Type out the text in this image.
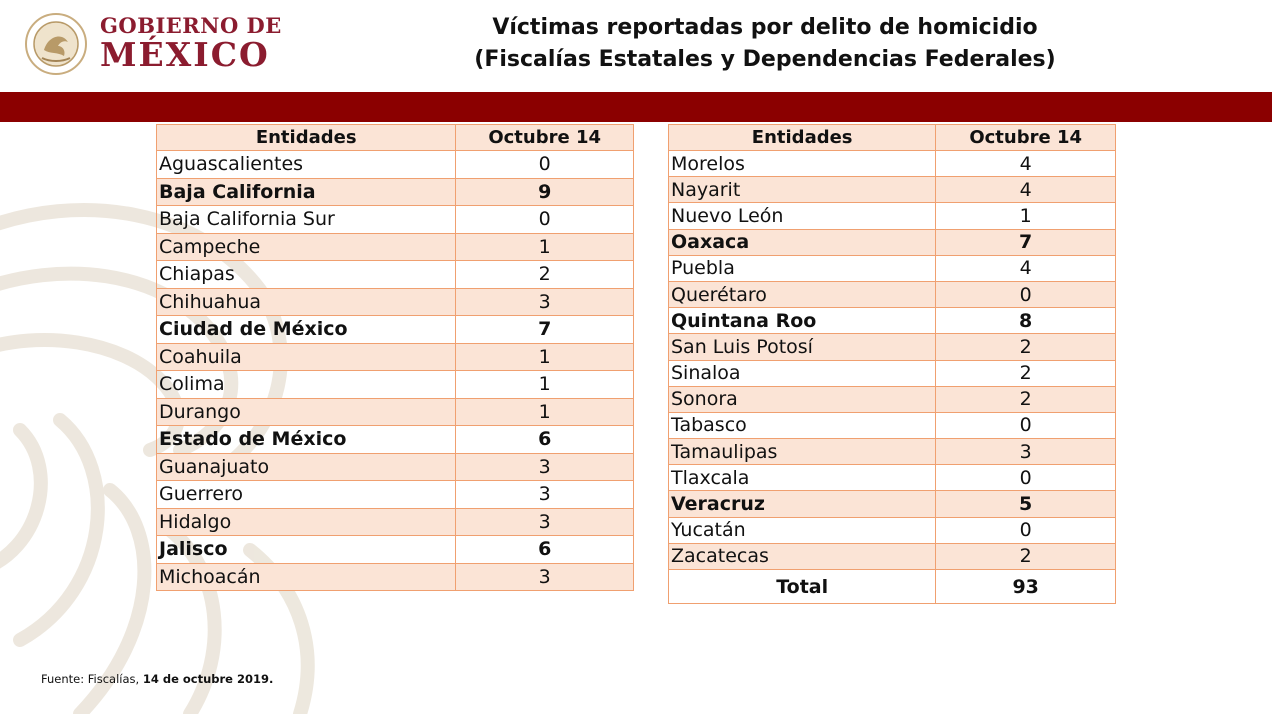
GOBIERNO DE
MÉXICO
Víctimas reportadas por delito de homicidio
(Fiscalías Estatales y Dependencias Federales)
Entidades	Octubre 14
Aguascalientes	0
Baja California	9
Baja California Sur	0
Campeche	1
Chiapas	2
Chihuahua	3
Ciudad de México	7
Coahuila	1
Colima	1
Durango	1
Estado de México	6
Guanajuato	3
Guerrero	3
Hidalgo	3
Jalisco	6
Michoacán	3
Entidades	Octubre 14
Morelos	4
Nayarit	4
Nuevo León	1
Oaxaca	7
Puebla	4
Querétaro	0
Quintana Roo	8
San Luis Potosí	2
Sinaloa	2
Sonora	2
Tabasco	0
Tamaulipas	3
Tlaxcala	0
Veracruz	5
Yucatán	0
Zacatecas	2
Total	93
Fuente: Fiscalías, 14 de octubre 2019.
